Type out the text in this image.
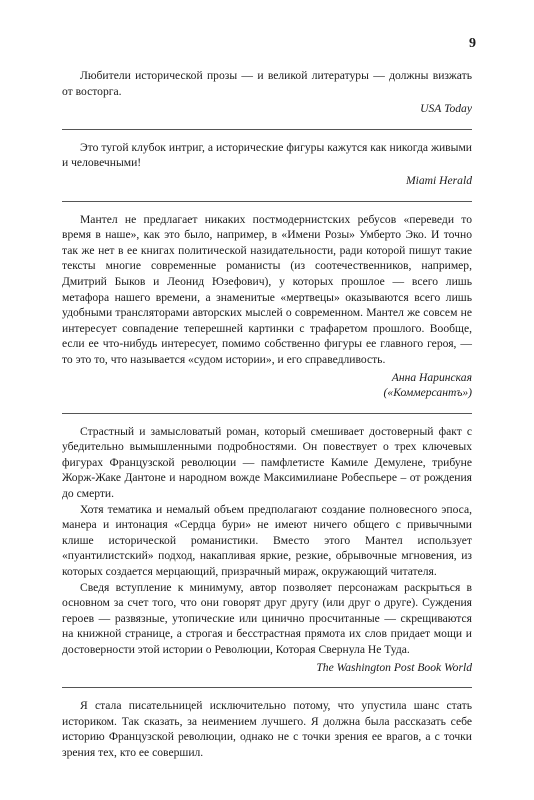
9

Любители исторической прозы — и великой литературы — должны визжать от восторга.

USA Today

Это тугой клубок интриг, а исторические фигуры кажутся как никогда живыми и человечными!

Miami Herald

Мантел не предлагает никаких постмодернистских ребусов «переведи то время в наше», как это было, например, в «Имени Розы» Умберто Эко. И точно так же нет в ее книгах политической назидательности, ради которой пишут такие тексты многие современные романисты (из соотечественников, например, Дмитрий Быков и Леонид Юзефович), у которых прошлое — всего лишь метафора нашего времени, а знаменитые «мертвецы» оказываются всего лишь удобными трансляторами авторских мыслей о современном. Мантел же совсем не интересует совпадение теперешней картинки с трафаретом прошлого. Вообще, если ее что-нибудь интересует, помимо собственно фигуры ее главного героя, — то это то, что называется «судом истории», и его справедливость.

Анна Наринская
(«Коммерсантъ»)

Страстный и замысловатый роман, который смешивает достоверный факт с убедительно вымышленными подробностями. Он повествует о трех ключевых фигурах Французской революции — памфлетисте Камиле Демулене, трибуне Жорж-Жаке Дантоне и народном вожде Максимилиане Робеспьере – от рождения до смерти.

Хотя тематика и немалый объем предполагают создание полновесного эпоса, манера и интонация «Сердца бури» не имеют ничего общего с привычными клише исторической романистики. Вместо этого Мантел использует «пуантилистский» подход, накапливая яркие, резкие, обрывочные мгновения, из которых создается мерцающий, призрачный мираж, окружающий читателя.

Сведя вступление к минимуму, автор позволяет персонажам раскрыться в основном за счет того, что они говорят друг другу (или друг о друге). Суждения героев — развязные, утопические или цинично просчитанные — скрещиваются на книжной странице, а строгая и бесстрастная прямота их слов придает мощи и достоверности этой истории о Революции, Которая Свернула Не Туда.

The Washington Post Book World

Я стала писательницей исключительно потому, что упустила шанс стать историком. Так сказать, за неимением лучшего. Я должна была рассказать себе историю Французской революции, однако не с точки зрения ее врагов, а с точки зрения тех, кто ее совершил.
